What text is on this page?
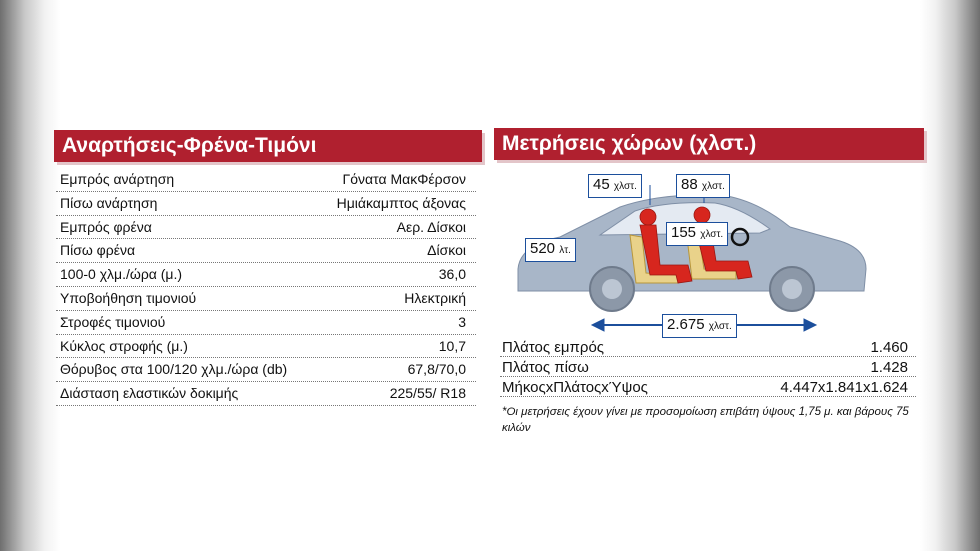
Αναρτήσεις-Φρένα-Τιμόνι
Εμπρός ανάρτηση	Γόνατα ΜακΦέρσον
Πίσω ανάρτηση	Ημιάκαμπτος άξονας
Εμπρός φρένα	Αερ. Δίσκοι
Πίσω φρένα	Δίσκοι
100-0 χλμ./ώρα (μ.)	36,0
Υποβοήθηση τιμονιού	Ηλεκτρική
Στροφές τιμονιού	3
Κύκλος στροφής (μ.)	10,7
Θόρυβος στα 100/120 χλμ./ώρα (db)	67,8/70,0
Διάσταση ελαστικών δοκιμής	225/55/ R18
Μετρήσεις χώρων (χλστ.)
45 χλστ.	88 χλστ.
155 χλστ.
520 λτ.
2.675 χλστ.
Πλάτος εμπρός	1.460
Πλάτος πίσω	1.428
ΜήκοςxΠλάτοςxΎψος	4.447x1.841x1.624
*Οι μετρήσεις έχουν γίνει με προσομοίωση επιβάτη ύψους 1,75 μ. και βάρους 75 κιλών
